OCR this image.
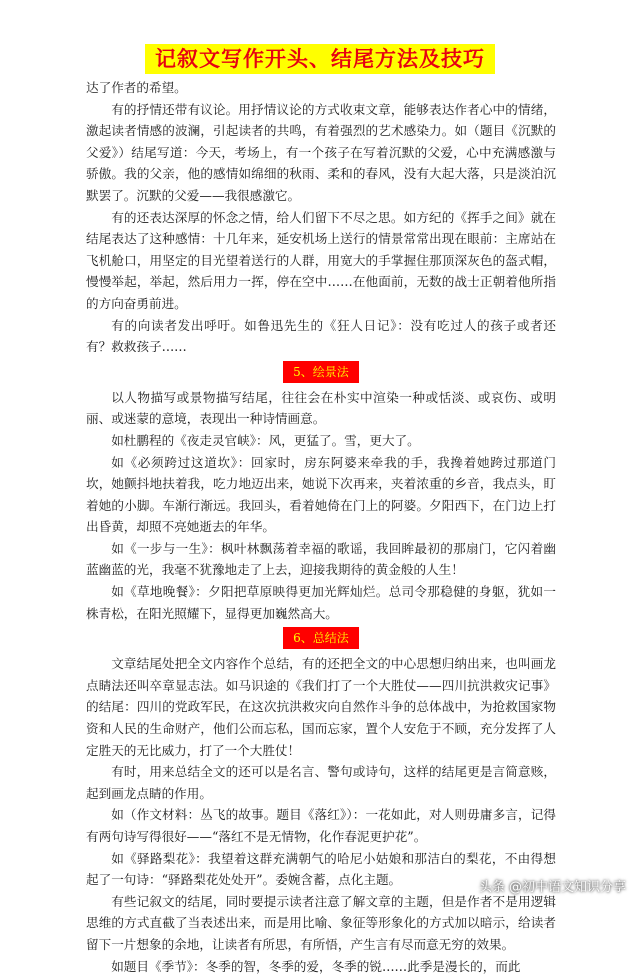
记叙文写作开头、结尾方法及技巧

达了作者的希望。

有的抒情还带有议论。用抒情议论的方式收束文章，能够表达作者心中的情绪，激起读者情感的波澜，引起读者的共鸣，有着强烈的艺术感染力。如（题目《沉默的父爱》）结尾写道：今天，考场上，有一个孩子在写着沉默的父爱，心中充满感激与骄傲。我的父亲，他的感情如绵细的秋雨、柔和的春风，没有大起大落，只是淡泊沉默罢了。沉默的父爱——我很感激它。

有的还表达深厚的怀念之情，给人们留下不尽之思。如方纪的《挥手之间》就在结尾表达了这种感情：十几年来，延安机场上送行的情景常常出现在眼前：主席站在飞机舱口，用坚定的目光望着送行的人群，用宽大的手掌握住那顶深灰色的盔式帽，慢慢举起，举起，然后用力一挥，停在空中……在他面前，无数的战士正朝着他所指的方向奋勇前进。

有的向读者发出呼吁。如鲁迅先生的《狂人日记》：没有吃过人的孩子或者还有？救救孩子……

5、绘景法

以人物描写或景物描写结尾，往往会在朴实中渲染一种或恬淡、或哀伤、或明丽、或迷蒙的意境，表现出一种诗情画意。

如杜鹏程的《夜走灵官峡》：风，更猛了。雪，更大了。

如《必须跨过这道坎》：回家时，房东阿婆来牵我的手，我搀着她跨过那道门坎，她颤抖地扶着我，吃力地迈出来，她说下次再来，夹着浓重的乡音，我点头，盯着她的小脚。车渐行渐远。我回头，看着她倚在门上的阿婆。夕阳西下，在门边上打出昏黄，却照不亮她逝去的年华。

如《一步与一生》：枫叶林飘荡着幸福的歌谣，我回眸最初的那扇门，它闪着幽蓝幽蓝的光，我毫不犹豫地走了上去，迎接我期待的黄金般的人生！

如《草地晚餐》：夕阳把草原映得更加光辉灿烂。总司令那稳健的身躯，犹如一株青松，在阳光照耀下，显得更加巍然高大。

6、总结法

文章结尾处把全文内容作个总结，有的还把全文的中心思想归纳出来，也叫画龙点睛法还叫卒章显志法。如马识途的《我们打了一个大胜仗——四川抗洪救灾记事》的结尾：四川的党政军民，在这次抗洪救灾向自然作斗争的总体战中，为抢救国家物资和人民的生命财产，他们公而忘私，国而忘家，置个人安危于不顾，充分发挥了人定胜天的无比威力，打了一个大胜仗！

有时，用来总结全文的还可以是名言、警句或诗句，这样的结尾更是言简意赅，起到画龙点睛的作用。

如（作文材料：丛飞的故事。题目《落红》）：一花如此，对人则毋庸多言，记得有两句诗写得很好——“落红不是无情物，化作春泥更护花”。

如《驿路梨花》：我望着这群充满朝气的哈尼小姑娘和那洁白的梨花，不由得想起了一句诗：“驿路梨花处处开”。委婉含蓄，点化主题。

有些记叙文的结尾，同时要提示读者注意了解文章的主题，但是作者不是用逻辑思维的方式直截了当表述出来，而是用比喻、象征等形象化的方式加以暗示，给读者留下一片想象的余地，让读者有所思，有所悟，产生言有尽而意无穷的效果。

如题目《季节》：冬季的智，冬季的爱，冬季的锐……此季是漫长的，而此

头条 @初中语文知识分享
